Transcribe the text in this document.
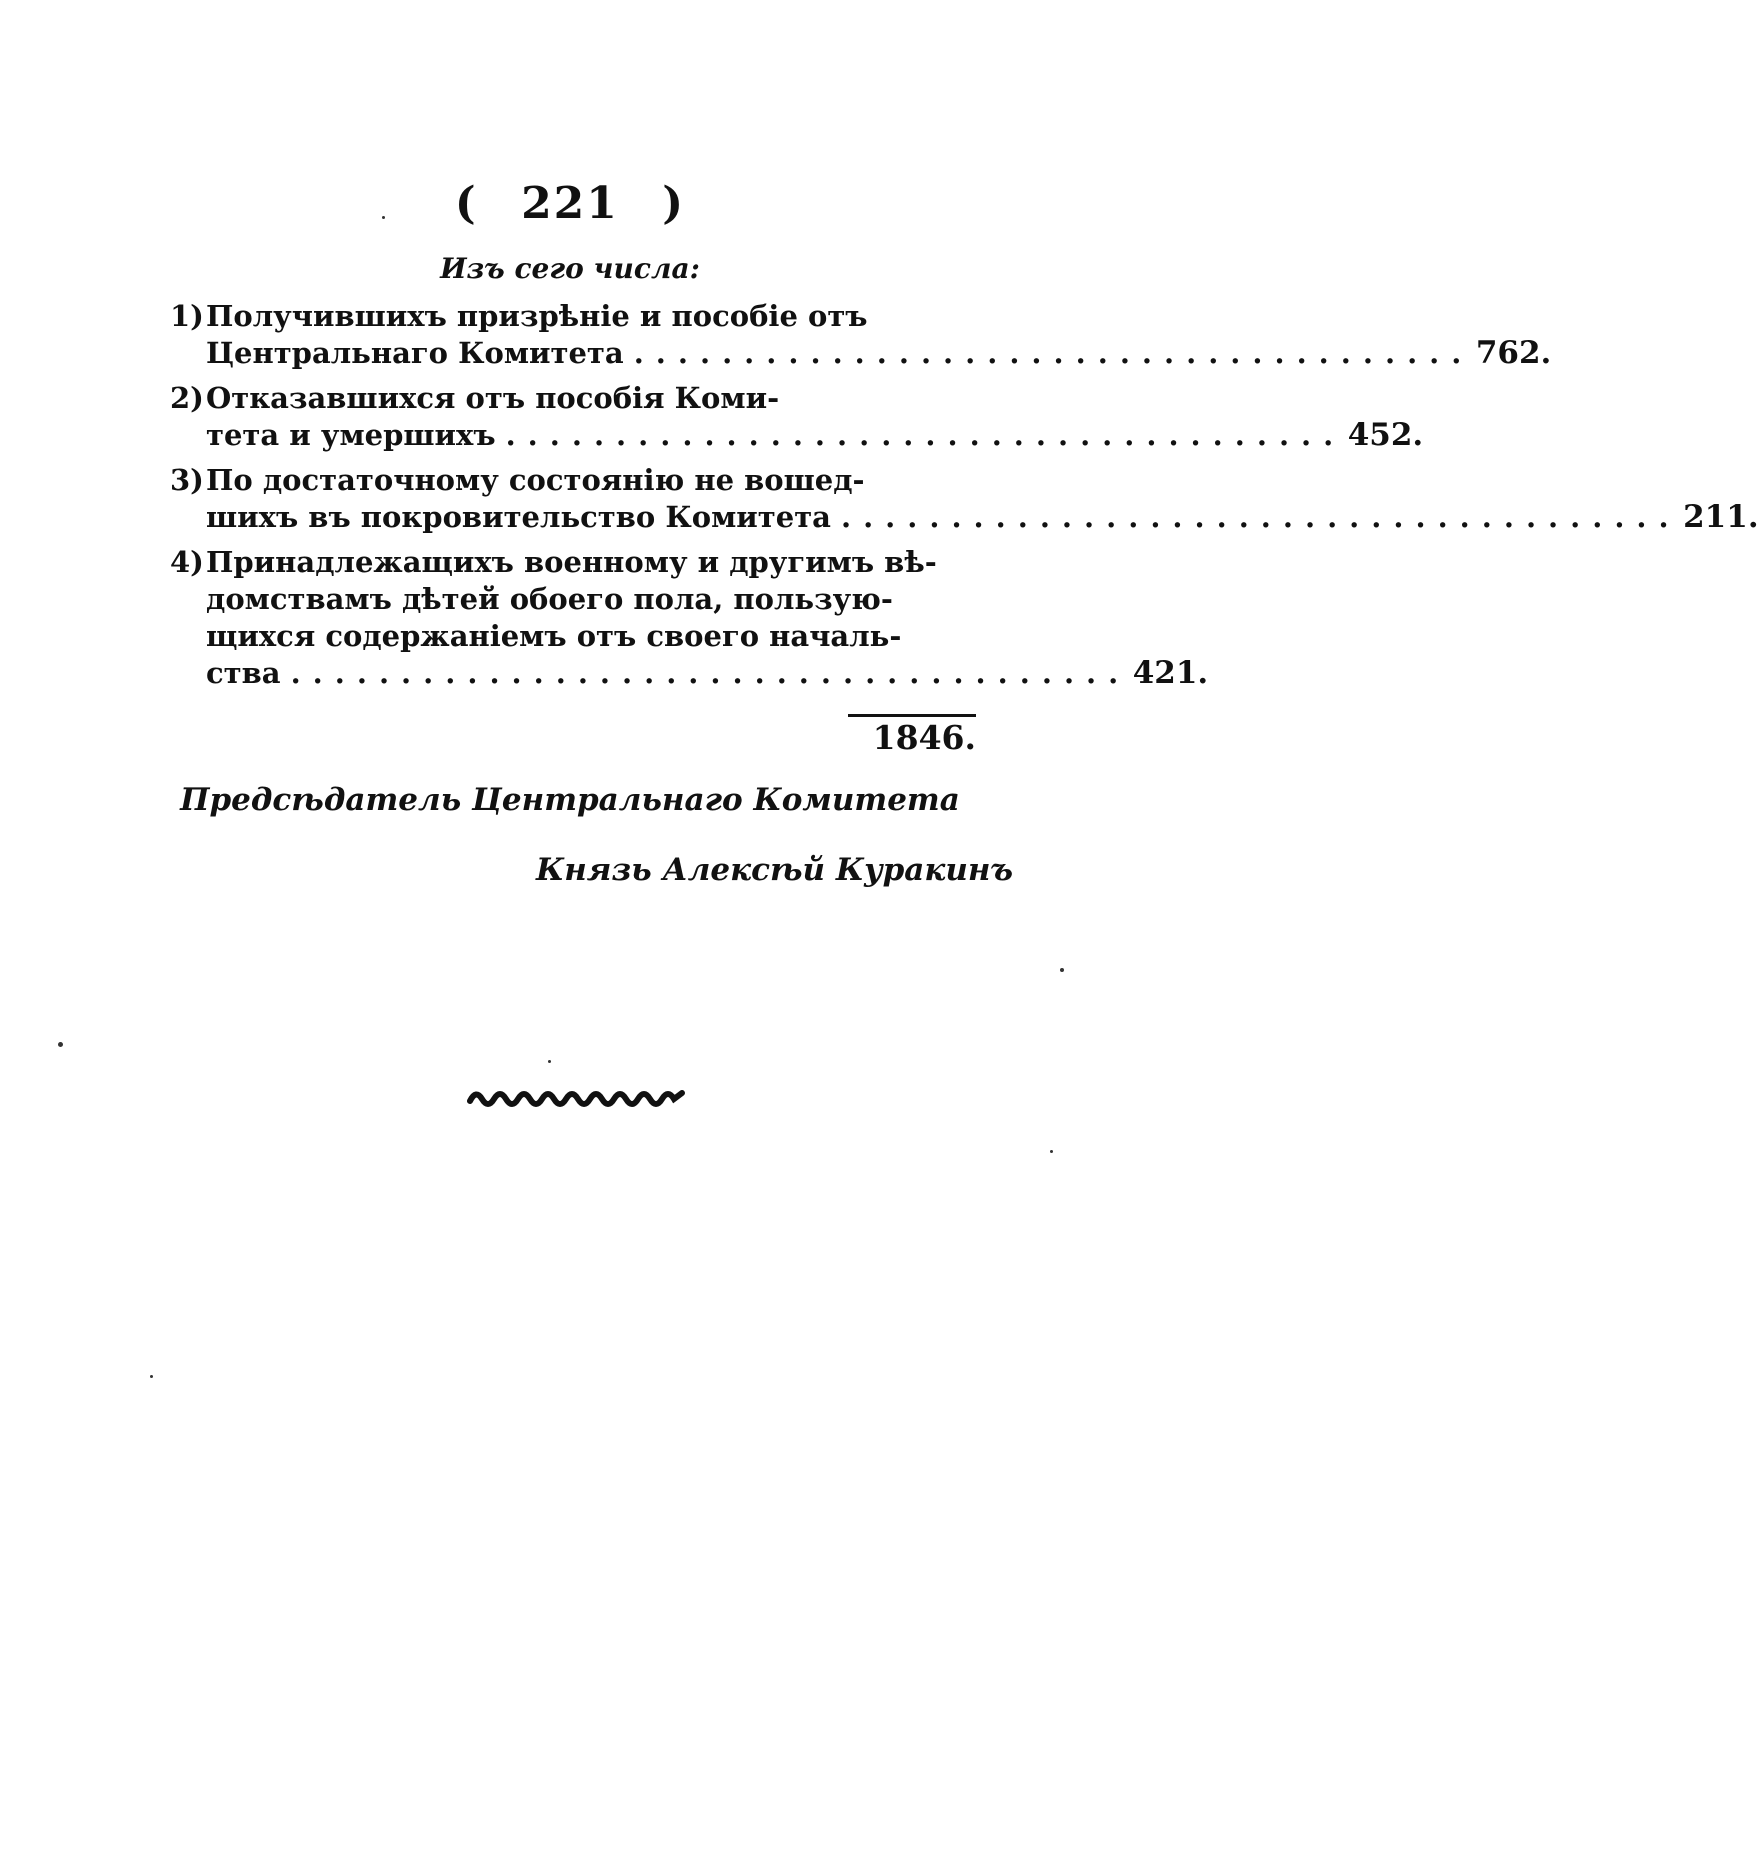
( 221 )
Изъ сего числа:
1)Получившихъ призрѣніе и пособіе отъ
Центральнаго Комитета ...................................... 762.
2)Отказавшихся отъ пособія Коми-
тета и умершихъ ...................................... 452.
3)По достаточному состоянію не вошед-
шихъ въ покровительство Комитета ...................................... 211.
4)Принадлежащихъ военному и другимъ вѣ-
домствамъ дѣтей обоего пола, пользую-
щихся содержаніемъ отъ своего началь-
ства ...................................... 421.
1846.
Предсѣдатель Центральнаго Комитета
Князь Алексѣй Куракинъ
